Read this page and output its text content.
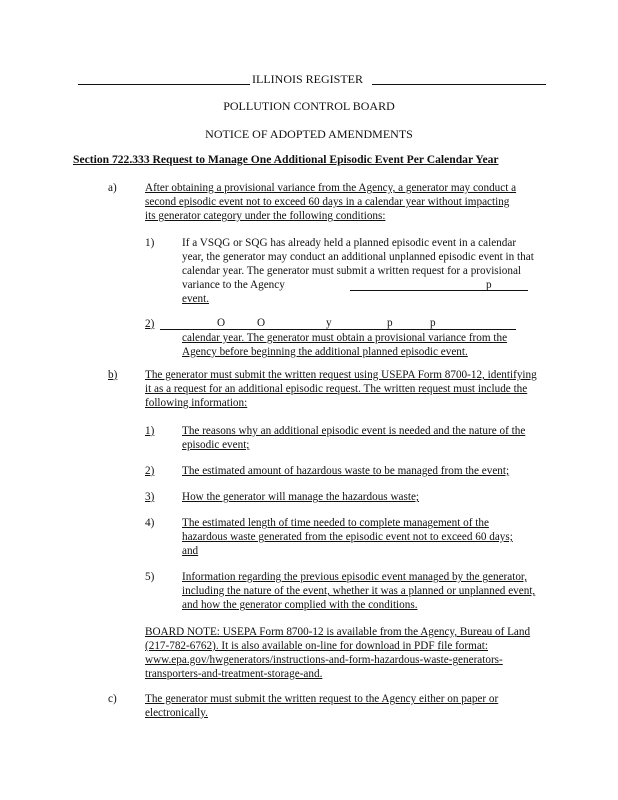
ILLINOIS REGISTER
POLLUTION CONTROL BOARD
NOTICE OF ADOPTED AMENDMENTS
Section 722.333 Request to Manage One Additional Episodic Event Per Calendar Year
a)	After obtaining a provisional variance from the Agency, a generator may conduct a second episodic event not to exceed 60 days in a calendar year without impacting its generator category under the following conditions:
1) If a VSQG or SQG has already held a planned episodic event in a calendar year, the generator may conduct an additional unplanned episodic event in that calendar year. The generator must submit a written request for a provisional variance to the Agency	p
event.
2)	O	O	y	p	p
calendar year. The generator must obtain a provisional variance from the Agency before beginning the additional planned episodic event.
b) The generator must submit the written request using USEPA Form 8700-12, identifying it as a request for an additional episodic request. The written request must include the following information:
1) The reasons why an additional episodic event is needed and the nature of the episodic event;
2) The estimated amount of hazardous waste to be managed from the event;
3) How the generator will manage the hazardous waste;
4) The estimated length of time needed to complete management of the hazardous waste generated from the episodic event not to exceed 60 days; and
5) Information regarding the previous episodic event managed by the generator, including the nature of the event, whether it was a planned or unplanned event, and how the generator complied with the conditions.
BOARD NOTE: USEPA Form 8700-12 is available from the Agency, Bureau of Land (217-782-6762). It is also available on-line for download in PDF file format: www.epa.gov/hwgenerators/instructions-and-form-hazardous-waste-generators-transporters-and-treatment-storage-and.
c)	The generator must submit the written request to the Agency either on paper or electronically.
